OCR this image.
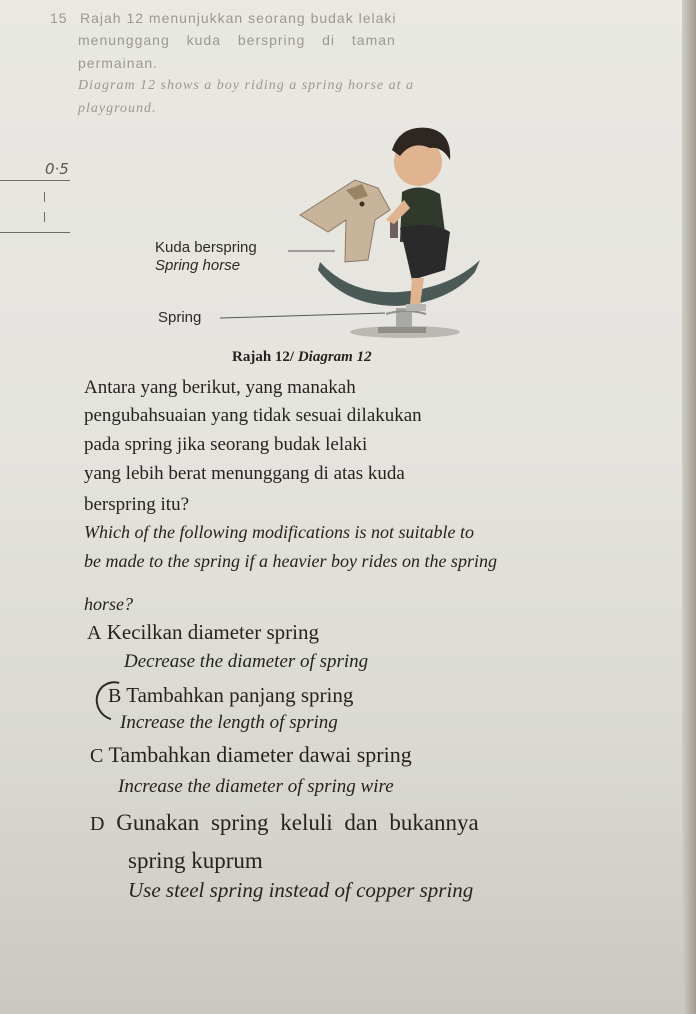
0·5
15 Rajah 12 menunjukkan seorang budak lelaki
menunggang kuda berspring di taman
permainan.
Diagram 12 shows a boy riding a spring horse at a
playground.
Kuda berspring
Spring horse
Spring
Rajah 12/ Diagram 12
Antara yang berikut, yang manakah
pengubahsuaian yang tidak sesuai dilakukan
pada spring jika seorang budak lelaki
yang lebih berat menunggang di atas kuda
berspring itu?
Which of the following modifications is not suitable to
be made to the spring if a heavier boy rides on the spring
horse?
A Kecilkan diameter spring
Decrease the diameter of spring
B Tambahkan panjang spring
Increase the length of spring
C Tambahkan diameter dawai spring
Increase the diameter of spring wire
D Gunakan spring keluli dan bukannya
spring kuprum
Use steel spring instead of copper spring
